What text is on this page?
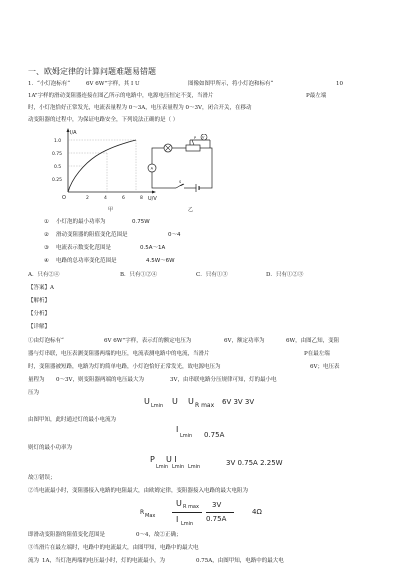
一、欧姆定律的计算问题难题易错题
1．“小灯泡标有“	6V 6W”字样，其 I U	图像如图甲所示，将小灯泡和标有“	10
1A”字样的滑动变阻器连接在图乙所示的电路中，电源电压恒定不变，当滑片	P最左端
时，小灯泡恰好正常发光，电流表量程为 0～3A，电压表量程为 0～3V，闭合开关，在移动
动变阻器的过程中，为保证电路安全，下列说法正确的是（ ）
I/A
U/V
O
1.0
0.75
0.5
0.25
2	4	6	8
甲
V
A
P
S
乙
① 小灯泡的最小功率为	0.75W
② 滑动变阻器的阻值变化范围是	0～4
③ 电流表示数变化范围是	0.5A～1A
④ 电路的总功率变化范围是	4.5W～6W
A．只有②④	B．只有①②④	C．只有①③	D．只有①②③
【答案】A
【解析】
【分析】
【详解】
①由灯泡标有“	6V 6W”字样，表示灯的额定电压为	6V，额定功率为	6W，由图乙知，变阻
器与灯串联，电压表测变阻器两端的电压，电流表测电路中的电流，当滑片	P在最左端
时，变阻器被短路，电路为灯的简单电路，小灯泡恰好正常发光，故电源电压为	6V；电压表
量程为 0～3V，则变阻器两端的电压最大为	3V，由串联电路分压规律可知，灯的最小电
压为
U Lmin U U R max 6V 3V 3V
由图甲知，此时通过灯的最小电流为
I
Lmin 0.75A
则灯的最小功率为
P U I
Lmin Lmin Lmin	3V 0.75A 2.25W
故①错误；
②当电流最小时，变阻器接入电路的电阻最大，由欧姆定律，变阻器接入电路的最大电阻为
R Max
U R max
I Lmin
3V
0.75A
4Ω
即滑动变阻器的阻值变化范围是	0～4，故②正确；
③当滑片在最左端时，电路中的电流最大，由图甲知，电路中的最大电
流为 1A，当灯泡两端的电压最小时，灯的电流最小，为	0.75A，由图甲知，电路中的最大电
